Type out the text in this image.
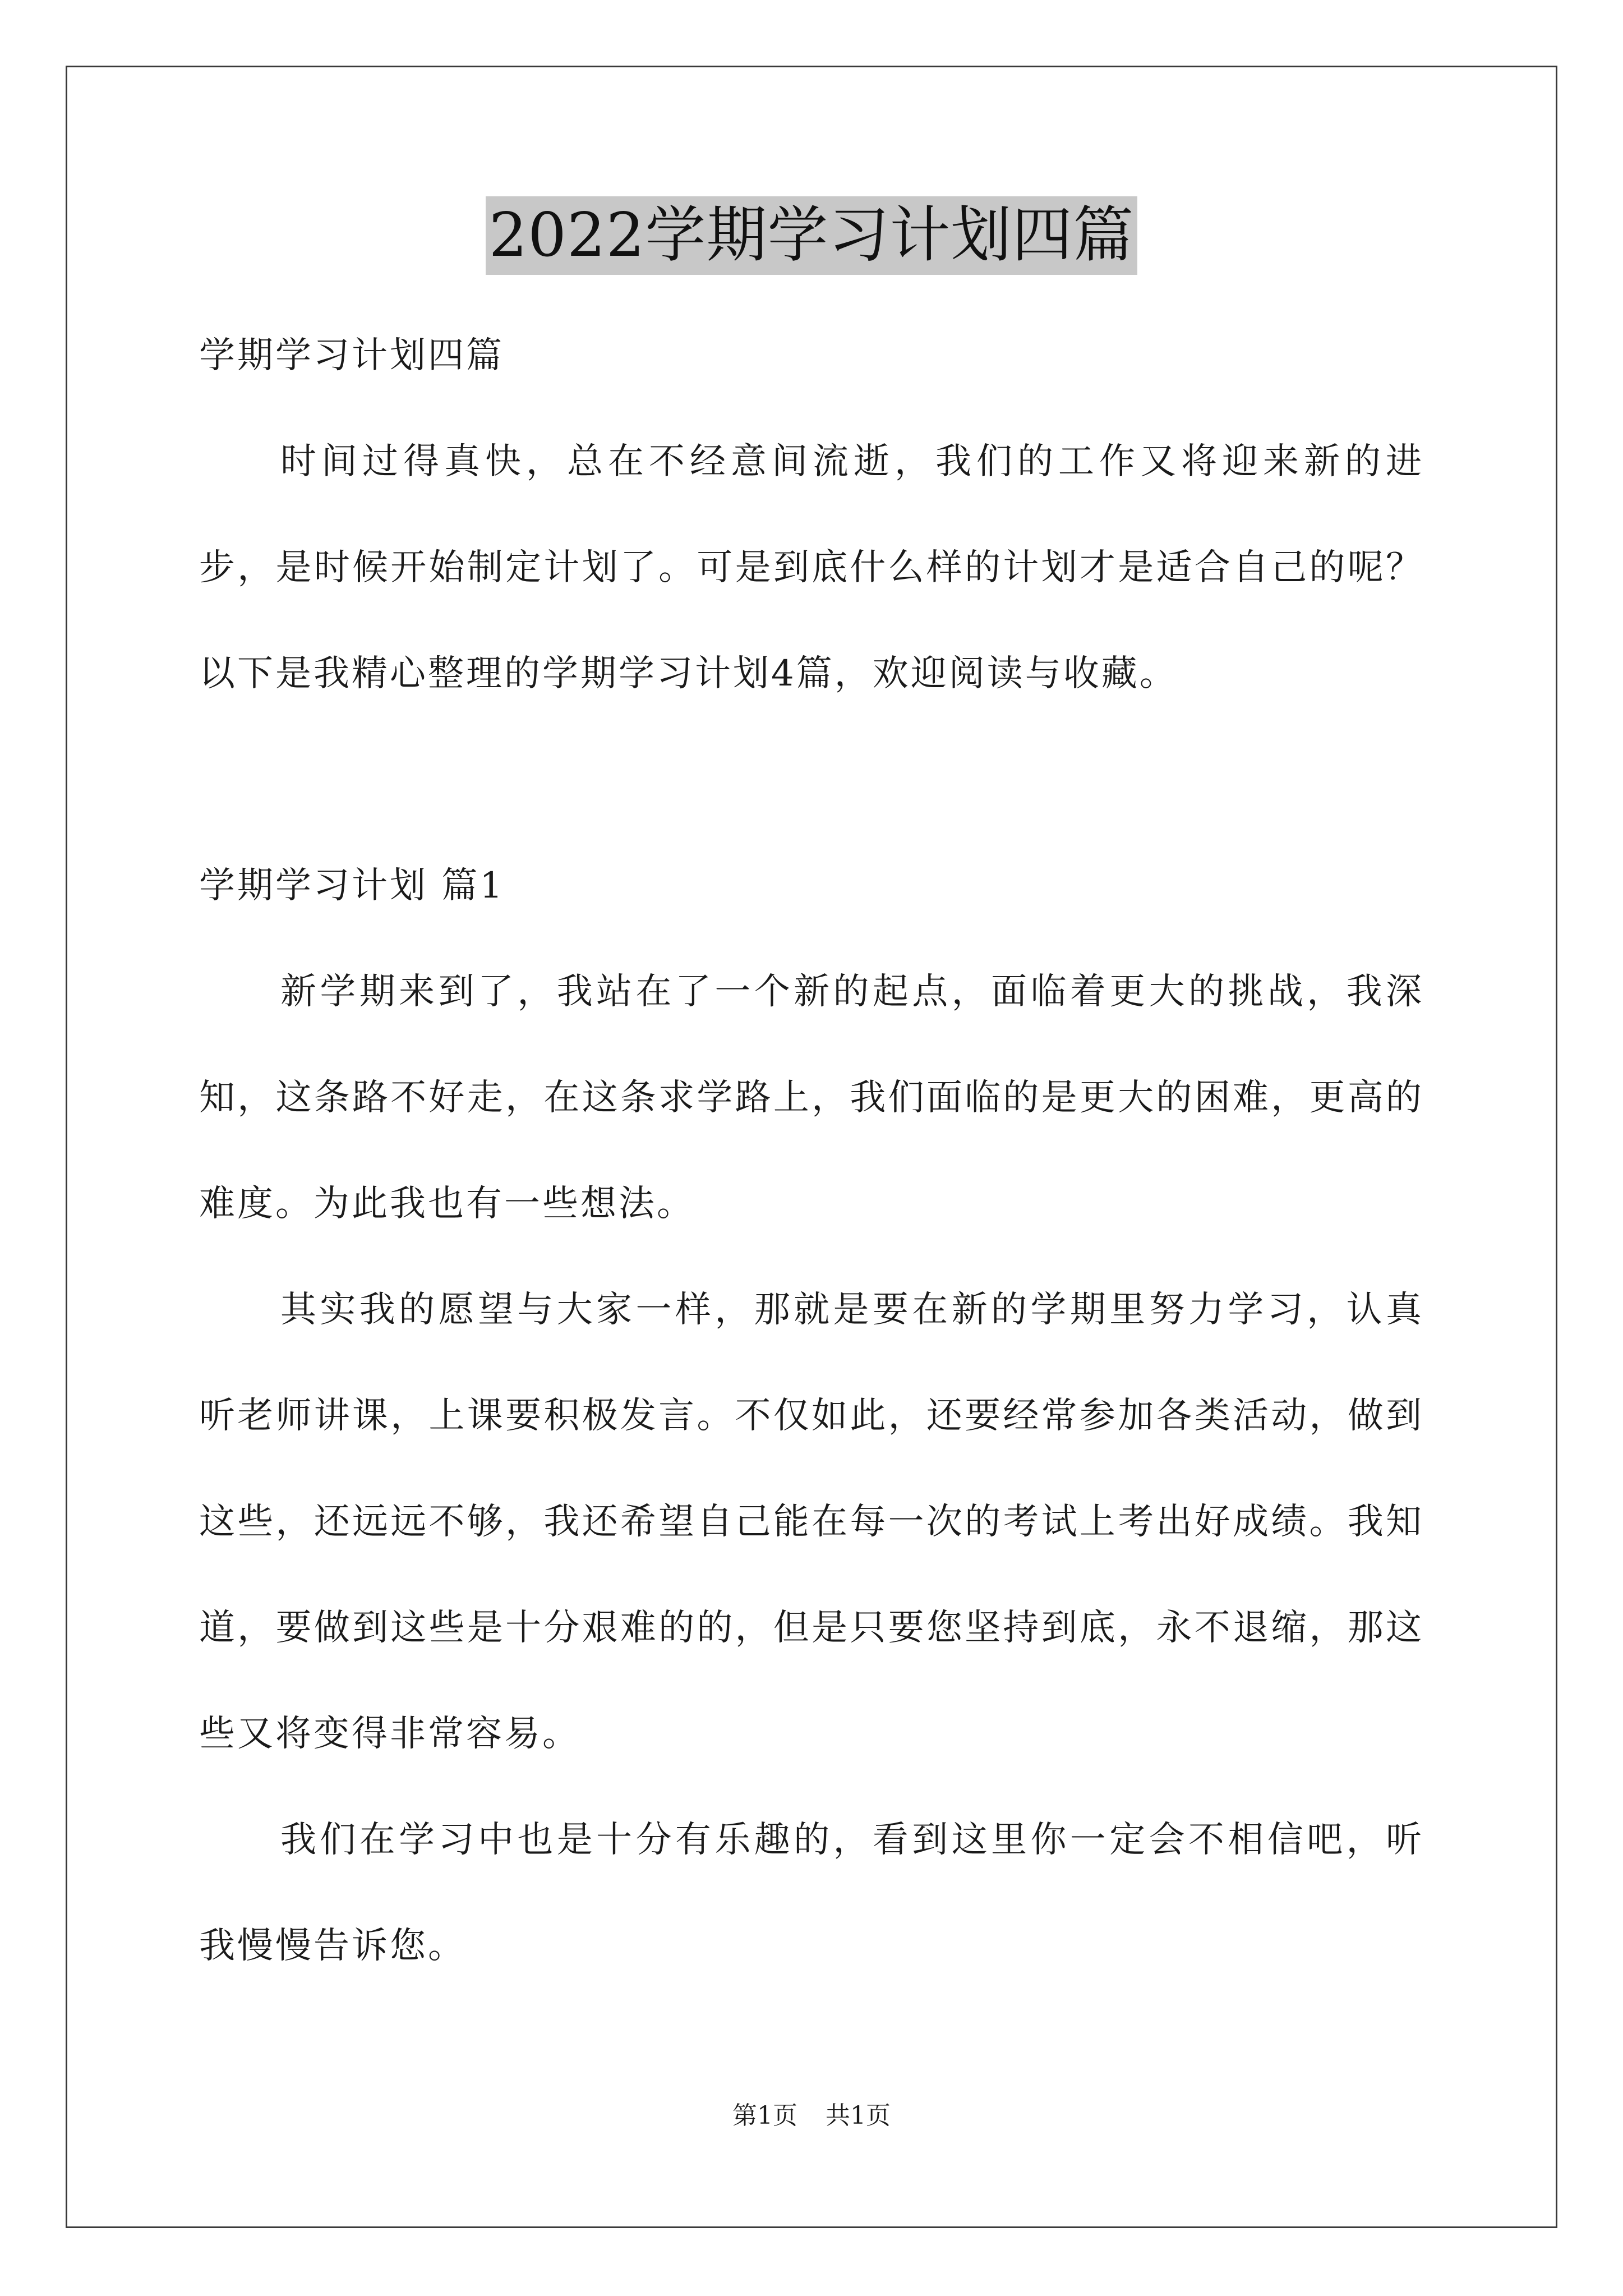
2022学期学习计划四篇

学期学习计划四篇

时间过得真快，总在不经意间流逝，我们的工作又将迎来新的进步，是时候开始制定计划了。可是到底什么样的计划才是适合自己的呢？以下是我精心整理的学期学习计划4篇，欢迎阅读与收藏。

学期学习计划 篇1

新学期来到了，我站在了一个新的起点，面临着更大的挑战，我深知，这条路不好走，在这条求学路上，我们面临的是更大的困难，更高的难度。为此我也有一些想法。

其实我的愿望与大家一样，那就是要在新的学期里努力学习，认真听老师讲课，上课要积极发言。不仅如此，还要经常参加各类活动，做到这些，还远远不够，我还希望自己能在每一次的考试上考出好成绩。我知道，要做到这些是十分艰难的的，但是只要您坚持到底，永不退缩，那这些又将变得非常容易。

我们在学习中也是十分有乐趣的，看到这里你一定会不相信吧，听我慢慢告诉您。

第1页 共1页
